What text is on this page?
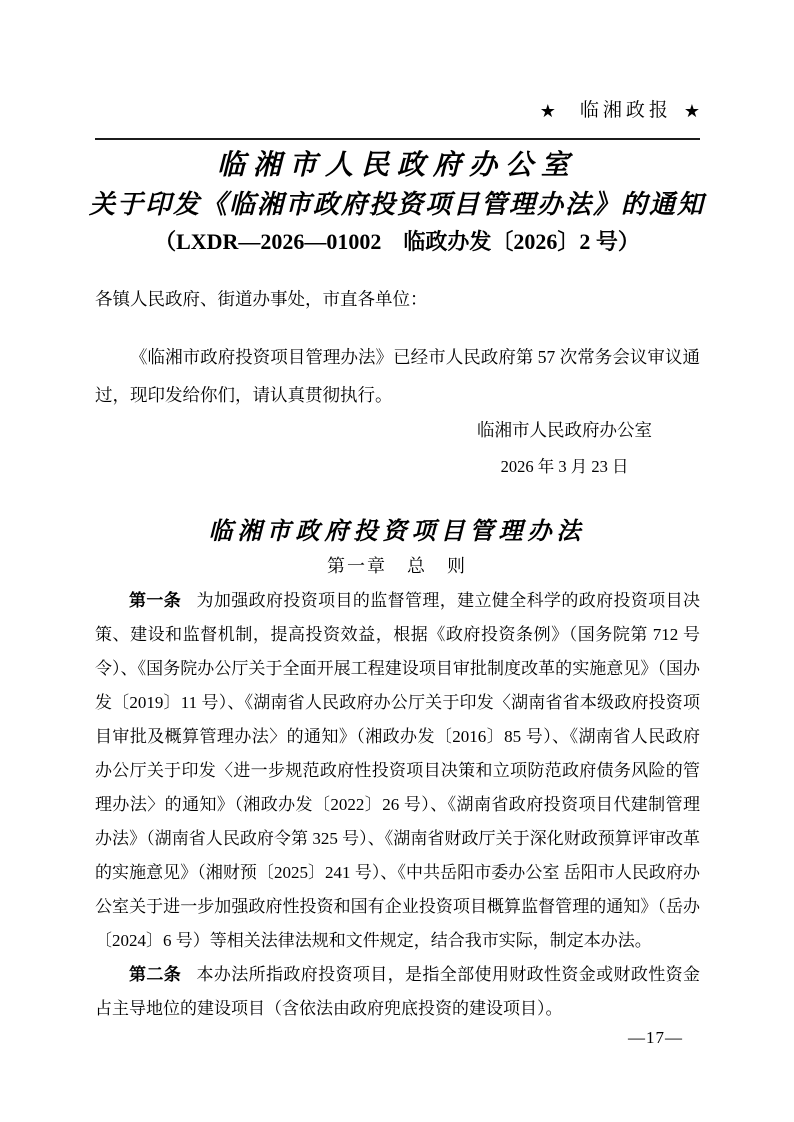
★ 临湘政报 ★
临湘市人民政府办公室
关于印发《临湘市政府投资项目管理办法》的通知
（LXDR—2026—01002　临政办发〔2026〕2 号）
各镇人民政府、街道办事处，市直各单位：

《临湘市政府投资项目管理办法》已经市人民政府第 57 次常务会议审议通过，现印发给你们，请认真贯彻执行。

临湘市人民政府办公室
2026 年 3 月 23 日
临湘市政府投资项目管理办法
第一章　总　则

第一条 为加强政府投资项目的监督管理，建立健全科学的政府投资项目决策、建设和监督机制，提高投资效益，根据《政府投资条例》（国务院第 712 号令）、《国务院办公厅关于全面开展工程建设项目审批制度改革的实施意见》（国办发〔2019〕11 号）、《湖南省人民政府办公厅关于印发〈湖南省省本级政府投资项目审批及概算管理办法〉的通知》（湘政办发〔2016〕85 号）、《湖南省人民政府办公厅关于印发〈进一步规范政府性投资项目决策和立项防范政府债务风险的管理办法〉的通知》（湘政办发〔2022〕26 号）、《湖南省政府投资项目代建制管理办法》（湖南省人民政府令第 325 号）、《湖南省财政厅关于深化财政预算评审改革的实施意见》（湘财预〔2025〕241 号）、《中共岳阳市委办公室 岳阳市人民政府办公室关于进一步加强政府性投资和国有企业投资项目概算监督管理的通知》（岳办〔2024〕6 号）等相关法律法规和文件规定，结合我市实际，制定本办法。

第二条 本办法所指政府投资项目，是指全部使用财政性资金或财政性资金占主导地位的建设项目（含依法由政府兜底投资的建设项目）。

—17—
